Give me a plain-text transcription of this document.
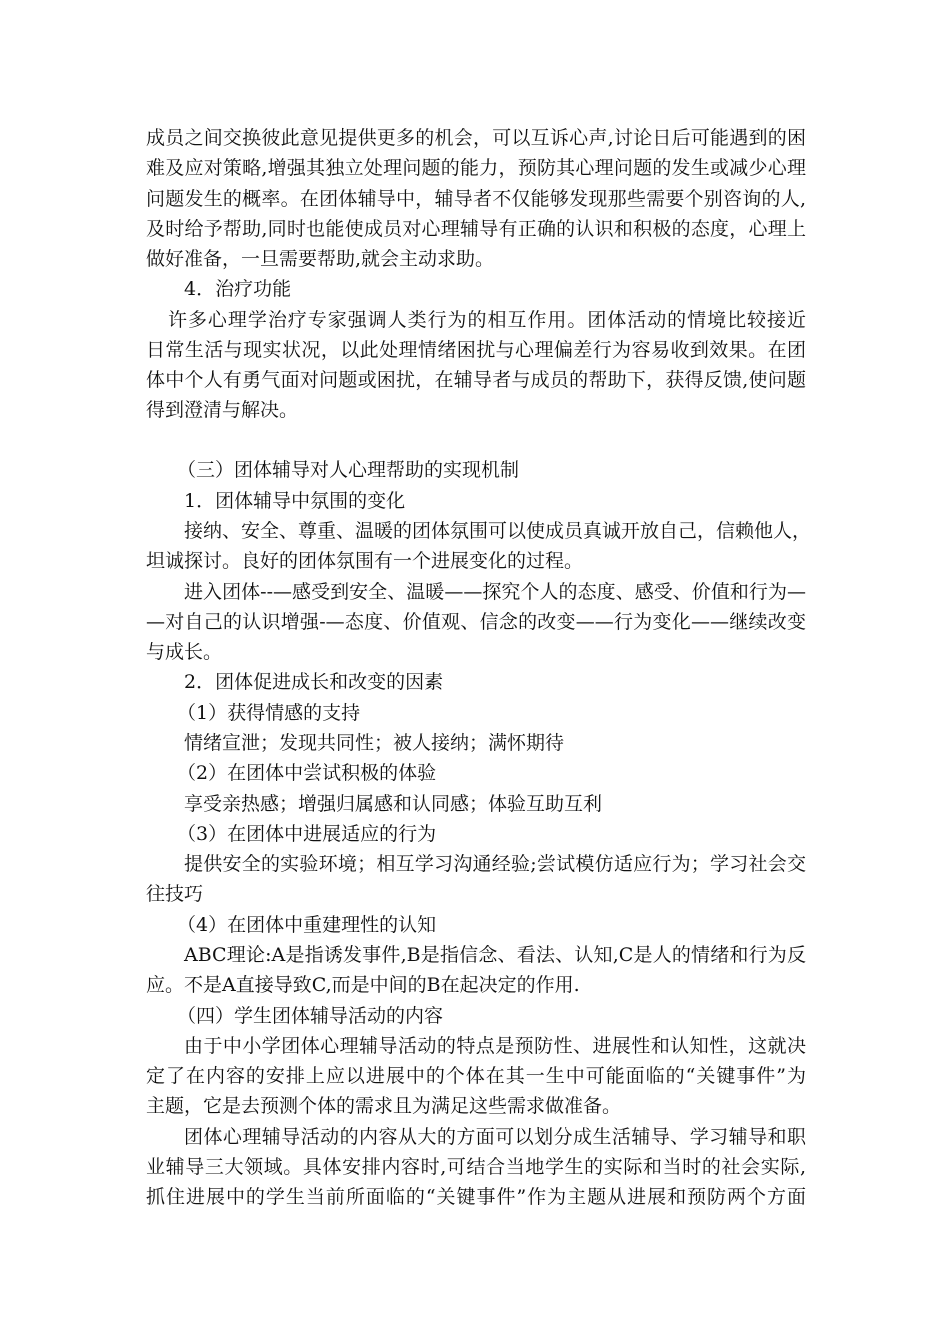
成员之间交换彼此意见提供更多的机会，可以互诉心声,讨论日后可能遇到的困
难及应对策略,增强其独立处理问题的能力，预防其心理问题的发生或减少心理
问题发生的概率。在团体辅导中，辅导者不仅能够发现那些需要个别咨询的人,
及时给予帮助,同时也能使成员对心理辅导有正确的认识和积极的态度，心理上
做好准备，一旦需要帮助,就会主动求助。
4．治疗功能
许多心理学治疗专家强调人类行为的相互作用。团体活动的情境比较接近
日常生活与现实状况，以此处理情绪困扰与心理偏差行为容易收到效果。在团
体中个人有勇气面对问题或困扰，在辅导者与成员的帮助下，获得反馈,使问题
得到澄清与解决。
（三）团体辅导对人心理帮助的实现机制
1．团体辅导中氛围的变化
接纳、安全、尊重、温暖的团体氛围可以使成员真诚开放自己，信赖他人，
坦诚探讨。良好的团体氛围有一个进展变化的过程。
进入团体--—感受到安全、温暖——探究个人的态度、感受、价值和行为—
—对自己的认识增强-—态度、价值观、信念的改变——行为变化——继续改变
与成长。
2．团体促进成长和改变的因素
（1）获得情感的支持
情绪宣泄；发现共同性；被人接纳；满怀期待
（2）在团体中尝试积极的体验
享受亲热感；增强归属感和认同感；体验互助互利
（3）在团体中进展适应的行为
提供安全的实验环境；相互学习沟通经验;尝试模仿适应行为；学习社会交
往技巧
（4）在团体中重建理性的认知
ABC理论:A是指诱发事件,B是指信念、看法、认知,C是人的情绪和行为反
应。不是A直接导致C,而是中间的B在起决定的作用.
（四）学生团体辅导活动的内容
由于中小学团体心理辅导活动的特点是预防性、进展性和认知性，这就决
定了在内容的安排上应以进展中的个体在其一生中可能面临的“关键事件”为
主题，它是去预测个体的需求且为满足这些需求做准备。
团体心理辅导活动的内容从大的方面可以划分成生活辅导、学习辅导和职
业辅导三大领域。具体安排内容时,可结合当地学生的实际和当时的社会实际,
抓住进展中的学生当前所面临的“关键事件”作为主题从进展和预防两个方面
